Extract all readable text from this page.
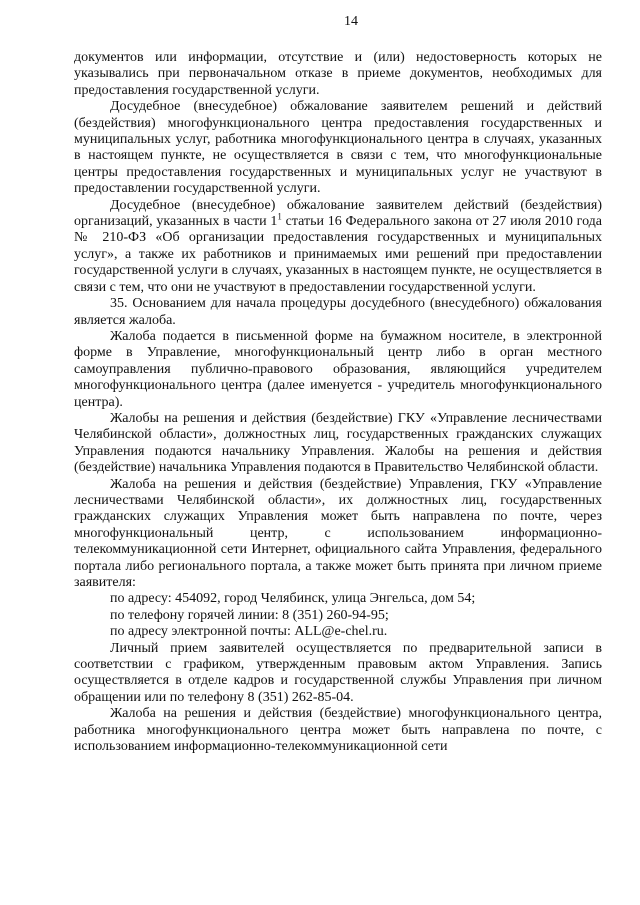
14

документов или информации, отсутствие и (или) недостоверность которых не указывались при первоначальном отказе в приеме документов, необходимых для предоставления государственной услуги.

Досудебное (внесудебное) обжалование заявителем решений и действий (бездействия) многофункционального центра предоставления государственных и муниципальных услуг, работника многофункционального центра в случаях, указанных в настоящем пункте, не осуществляется в связи с тем, что многофункциональные центры предоставления государственных и муниципальных услуг не участвуют в предоставлении государственной услуги.

Досудебное (внесудебное) обжалование заявителем действий (бездействия) организаций, указанных в части $1^1$ статьи 16 Федерального закона от 27 июля 2010 года № 210-ФЗ «Об организации предоставления государственных и муниципальных услуг», а также их работников и принимаемых ими решений при предоставлении государственной услуги в случаях, указанных в настоящем пункте, не осуществляется в связи с тем, что они не участвуют в предоставлении государственной услуги.

35. Основанием для начала процедуры досудебного (внесудебного) обжалования является жалоба.

Жалоба подается в письменной форме на бумажном носителе, в электронной форме в Управление, многофункциональный центр либо в орган местного самоуправления публично-правового образования, являющийся учредителем многофункционального центра (далее именуется - учредитель многофункционального центра).

Жалобы на решения и действия (бездействие) ГКУ «Управление лесничествами Челябинской области», должностных лиц, государственных гражданских служащих Управления подаются начальнику Управления. Жалобы на решения и действия (бездействие) начальника Управления подаются в Правительство Челябинской области.

Жалоба на решения и действия (бездействие) Управления, ГКУ «Управление лесничествами Челябинской области», их должностных лиц, государственных гражданских служащих Управления может быть направлена по почте, через многофункциональный центр, с использованием информационно-телекоммуникационной сети Интернет, официального сайта Управления, федерального портала либо регионального портала, а также может быть принята при личном приеме заявителя:

по адресу: 454092, город Челябинск, улица Энгельса, дом 54;

по телефону горячей линии: 8 (351) 260-94-95;

по адресу электронной почты: ALL@e-chel.ru.

Личный прием заявителей осуществляется по предварительной записи в соответствии с графиком, утвержденным правовым актом Управления. Запись осуществляется в отделе кадров и государственной службы Управления при личном обращении или по телефону 8 (351) 262-85-04.

Жалоба на решения и действия (бездействие) многофункционального центра, работника многофункционального центра может быть направлена по почте, с использованием информационно-телекоммуникационной сети
